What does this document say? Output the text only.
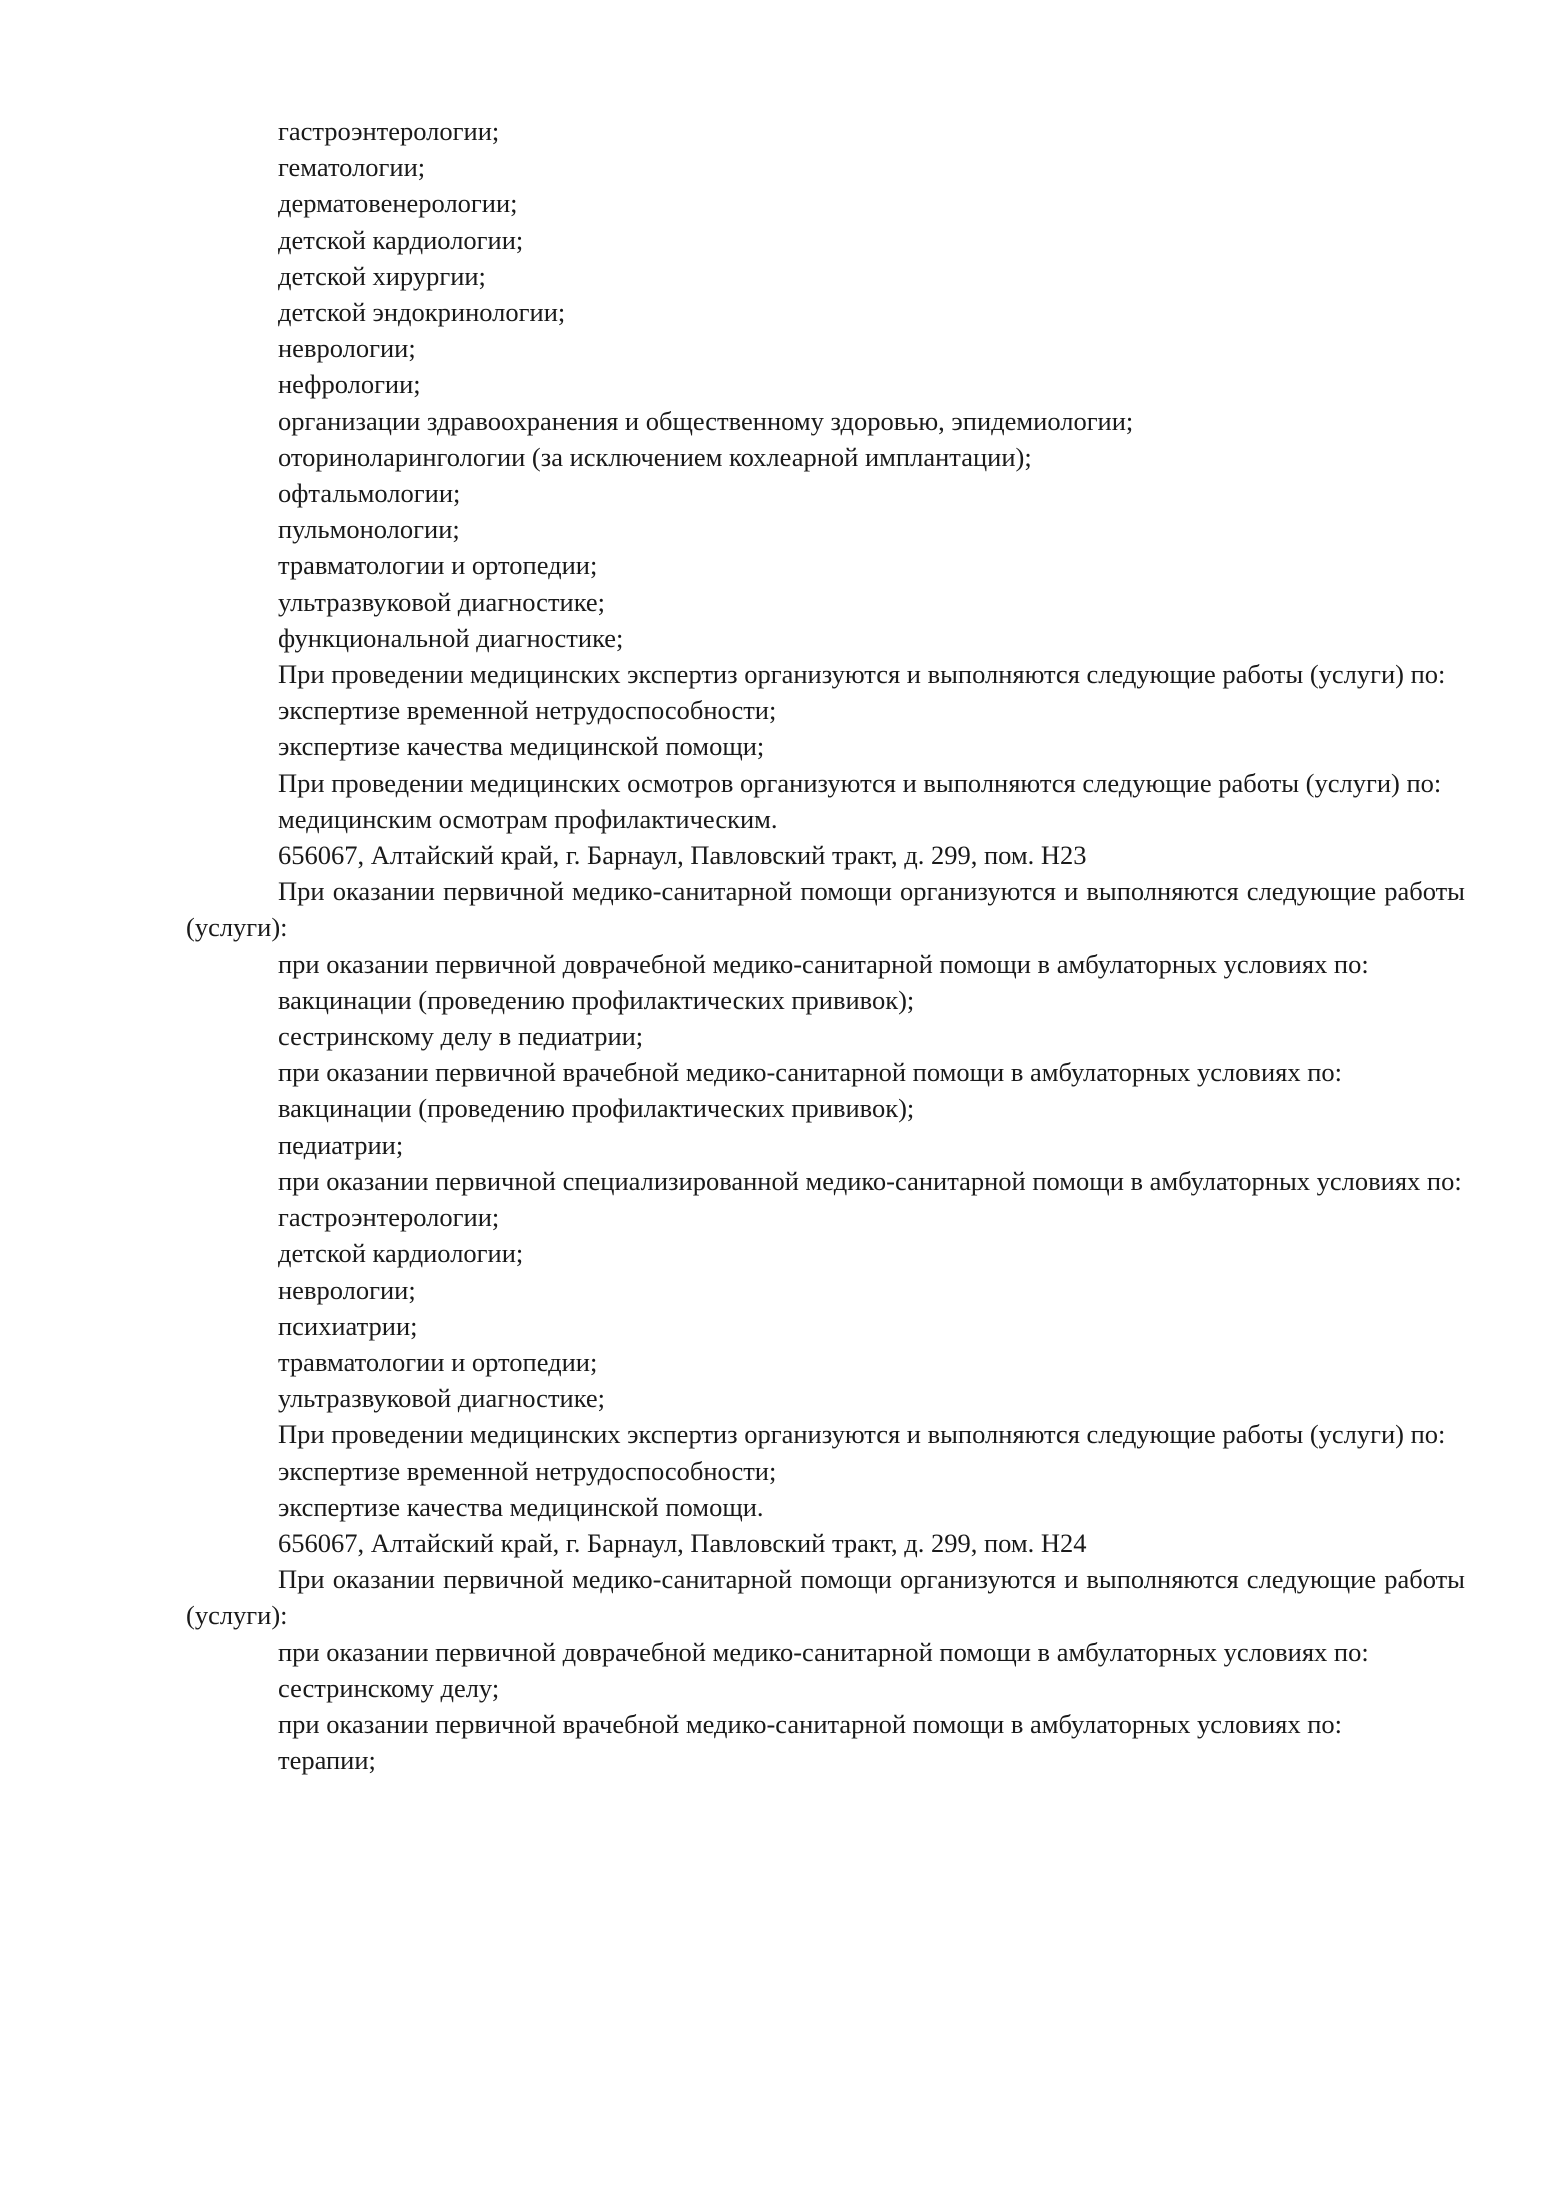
гастроэнтерологии;

гематологии;

дерматовенерологии;

детской кардиологии;

детской хирургии;

детской эндокринологии;

неврологии;

нефрологии;

организации здравоохранения и общественному здоровью, эпидемиологии;

оториноларингологии (за исключением кохлеарной имплантации);

офтальмологии;

пульмонологии;

травматологии и ортопедии;

ультразвуковой диагностике;

функциональной диагностике;

При проведении медицинских экспертиз организуются и выполняются следующие работы (услуги) по:

экспертизе временной нетрудоспособности;

экспертизе качества медицинской помощи;

При проведении медицинских осмотров организуются и выполняются следующие работы (услуги) по:

медицинским осмотрам профилактическим.

656067, Алтайский край, г. Барнаул, Павловский тракт, д. 299, пом. Н23

При оказании первичной медико-санитарной помощи организуются и выполняются следующие работы (услуги):

при оказании первичной доврачебной медико-санитарной помощи в амбулаторных условиях по:

вакцинации (проведению профилактических прививок);

сестринскому делу в педиатрии;

при оказании первичной врачебной медико-санитарной помощи в амбулаторных условиях по:

вакцинации (проведению профилактических прививок);

педиатрии;

при оказании первичной специализированной медико-санитарной помощи в амбулаторных условиях по:

гастроэнтерологии;

детской кардиологии;

неврологии;

психиатрии;

травматологии и ортопедии;

ультразвуковой диагностике;

При проведении медицинских экспертиз организуются и выполняются следующие работы (услуги) по:

экспертизе временной нетрудоспособности;

экспертизе качества медицинской помощи.

656067, Алтайский край, г. Барнаул, Павловский тракт, д. 299, пом. Н24

При оказании первичной медико-санитарной помощи организуются и выполняются следующие работы (услуги):

при оказании первичной доврачебной медико-санитарной помощи в амбулаторных условиях по:

сестринскому делу;

при оказании первичной врачебной медико-санитарной помощи в амбулаторных условиях по:

терапии;
